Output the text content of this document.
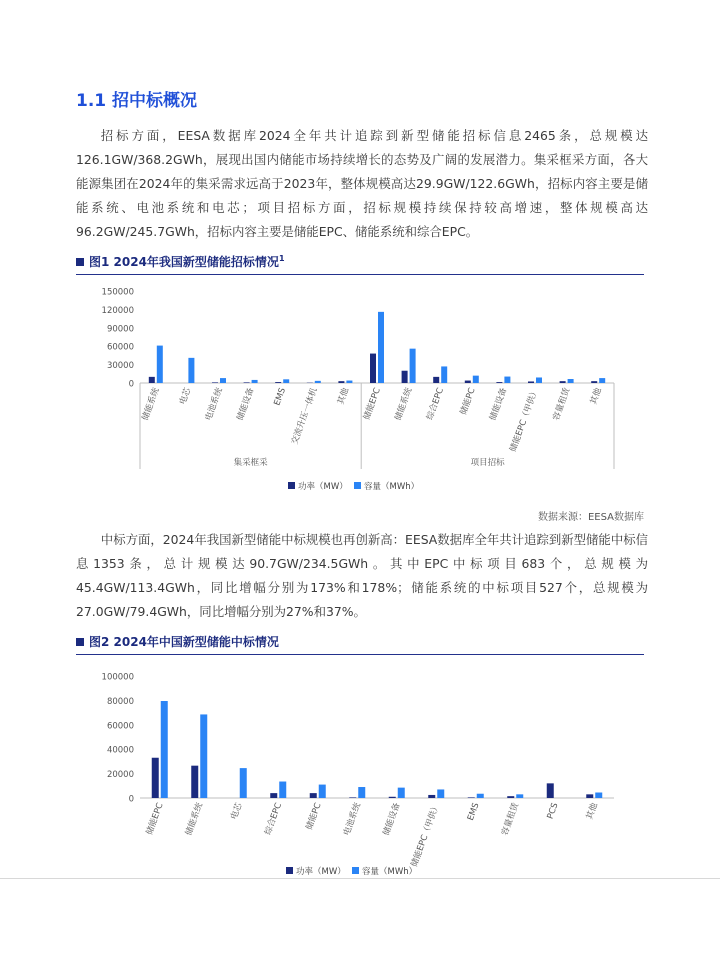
1.1 招中标概况

招标方面，EESA数据库2024全年共计追踪到新型储能招标信息2465条，总规模达126.1GW/368.2GWh，展现出国内储能市场持续增长的态势及广阔的发展潜力。集采框采方面，各大能源集团在2024年的集采需求远高于2023年，整体规模高达29.9GW/122.6GWh，招标内容主要是储能系统、电池系统和电芯；项目招标方面，招标规模持续保持较高增速，整体规模高达96.2GW/245.7GWh，招标内容主要是储能EPC、储能系统和综合EPC。

图1 2024年我国新型储能招标情况$^1$
0
30000
60000
90000
120000
150000
储能系统 电芯 电池系统 储能设备 EMS 交流升压一体机 其他 储能EPC 储能系统 综合EPC 储能PC 储能设备 储能EPC（甲供） 容量租赁 其他
集采框采	项目招标
功率（MW） 容量（MWh）
数据来源：EESA数据库

中标方面，2024年我国新型储能中标规模也再创新高：EESA数据库全年共计追踪到新型储能中标信息1353条，总计规模达90.7GW/234.5GWh。其中EPC中标项目683个，总规模为45.4GW/113.4GWh，同比增幅分别为173%和178%；储能系统的中标项目527个，总规模为27.0GW/79.4GWh，同比增幅分别为27%和37%。

图2 2024年中国新型储能中标情况
0
20000
40000
60000
80000
100000
储能EPC 储能系统	电芯 综合EPC 储能PC 电池系统 储能设备 储能EPC（甲供）	EMS 容量租赁	PCS	其他
功率（MW） 容量（MWh）
